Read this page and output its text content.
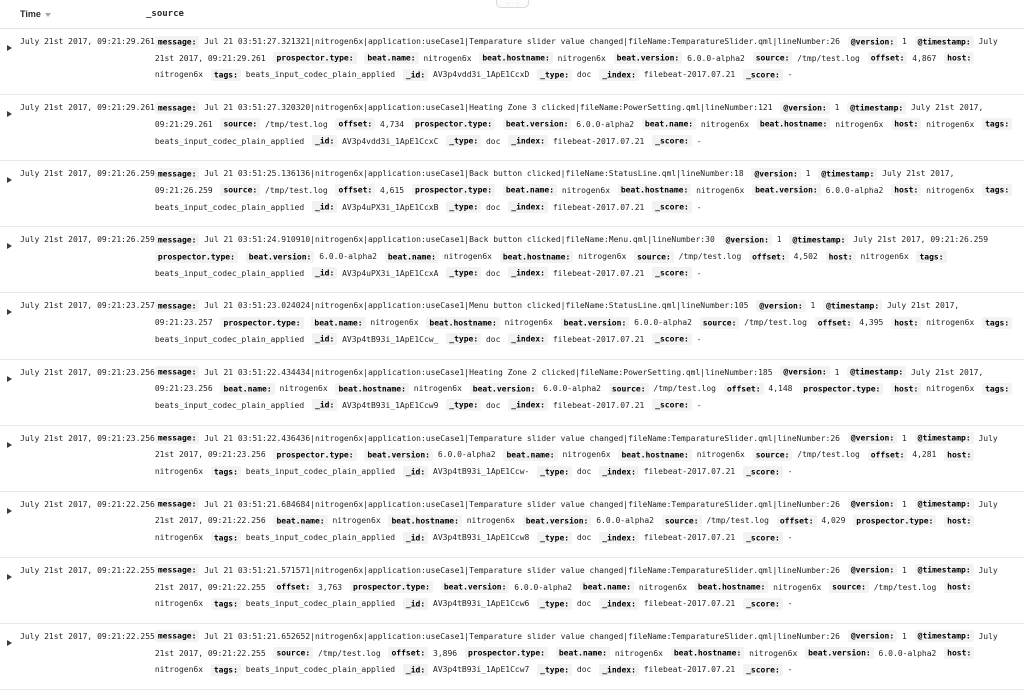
· ·
Time	_source
July 21st 2017, 09:21:29.261 message: Jul 21 03:51:27.321321|nitrogen6x|application:useCase1|Temparature slider value changed|fileName:TemparatureSlider.qml|lineNumber:26 @version: 1 @timestamp: July 21st 2017, 09:21:29.261 prospector.type: beat.name: nitrogen6x beat.hostname: nitrogen6x beat.version: 6.0.0-alpha2 source: /tmp/test.log offset: 4,867 host: nitrogen6x tags: beats_input_codec_plain_applied _id: AV3p4vdd3i_1ApE1CcxD _type: doc _index: filebeat-2017.07.21 _score: -
July 21st 2017, 09:21:29.261 message: Jul 21 03:51:27.320320|nitrogen6x|application:useCase1|Heating Zone 3 clicked|fileName:PowerSetting.qml|lineNumber:121 @version: 1 @timestamp: July 21st 2017, 09:21:29.261 source: /tmp/test.log offset: 4,734 prospector.type: beat.version: 6.0.0-alpha2 beat.name: nitrogen6x beat.hostname: nitrogen6x host: nitrogen6x tags: beats_input_codec_plain_applied _id: AV3p4vdd3i_1ApE1CcxC _type: doc _index: filebeat-2017.07.21 _score: -
July 21st 2017, 09:21:26.259 message: Jul 21 03:51:25.136136|nitrogen6x|application:useCase1|Back button clicked|fileName:StatusLine.qml|lineNumber:18 @version: 1 @timestamp: July 21st 2017, 09:21:26.259 source: /tmp/test.log offset: 4,615 prospector.type: beat.name: nitrogen6x beat.hostname: nitrogen6x beat.version: 6.0.0-alpha2 host: nitrogen6x tags: beats_input_codec_plain_applied _id: AV3p4uPX3i_1ApE1CcxB _type: doc _index: filebeat-2017.07.21 _score: -
July 21st 2017, 09:21:26.259 message: Jul 21 03:51:24.910910|nitrogen6x|application:useCase1|Back button clicked|fileName:Menu.qml|lineNumber:30 @version: 1 @timestamp: July 21st 2017, 09:21:26.259 prospector.type: beat.version: 6.0.0-alpha2 beat.name: nitrogen6x beat.hostname: nitrogen6x source: /tmp/test.log offset: 4,502 host: nitrogen6x tags: beats_input_codec_plain_applied _id: AV3p4uPX3i_1ApE1CcxA _type: doc _index: filebeat-2017.07.21 _score: -
July 21st 2017, 09:21:23.257 message: Jul 21 03:51:23.024024|nitrogen6x|application:useCase1|Menu button clicked|fileName:StatusLine.qml|lineNumber:105 @version: 1 @timestamp: July 21st 2017, 09:21:23.257 prospector.type: beat.name: nitrogen6x beat.hostname: nitrogen6x beat.version: 6.0.0-alpha2 source: /tmp/test.log offset: 4,395 host: nitrogen6x tags: beats_input_codec_plain_applied _id: AV3p4tB93i_1ApE1Ccw_ _type: doc _index: filebeat-2017.07.21 _score: -
July 21st 2017, 09:21:23.256 message: Jul 21 03:51:22.434434|nitrogen6x|application:useCase1|Heating Zone 2 clicked|fileName:PowerSetting.qml|lineNumber:185 @version: 1 @timestamp: July 21st 2017, 09:21:23.256 beat.name: nitrogen6x beat.hostname: nitrogen6x beat.version: 6.0.0-alpha2 source: /tmp/test.log offset: 4,148 prospector.type: host: nitrogen6x tags: beats_input_codec_plain_applied _id: AV3p4tB93i_1ApE1Ccw9 _type: doc _index: filebeat-2017.07.21 _score: -
July 21st 2017, 09:21:23.256 message: Jul 21 03:51:22.436436|nitrogen6x|application:useCase1|Temparature slider value changed|fileName:TemparatureSlider.qml|lineNumber:26 @version: 1 @timestamp: July 21st 2017, 09:21:23.256 prospector.type: beat.version: 6.0.0-alpha2 beat.name: nitrogen6x beat.hostname: nitrogen6x source: /tmp/test.log offset: 4,281 host: nitrogen6x tags: beats_input_codec_plain_applied _id: AV3p4tB93i_1ApE1Ccw- _type: doc _index: filebeat-2017.07.21 _score: -
July 21st 2017, 09:21:22.256 message: Jul 21 03:51:21.684684|nitrogen6x|application:useCase1|Temparature slider value changed|fileName:TemparatureSlider.qml|lineNumber:26 @version: 1 @timestamp: July 21st 2017, 09:21:22.256 beat.name: nitrogen6x beat.hostname: nitrogen6x beat.version: 6.0.0-alpha2 source: /tmp/test.log offset: 4,029 prospector.type: host: nitrogen6x tags: beats_input_codec_plain_applied _id: AV3p4tB93i_1ApE1Ccw8 _type: doc _index: filebeat-2017.07.21 _score: -
July 21st 2017, 09:21:22.255 message: Jul 21 03:51:21.571571|nitrogen6x|application:useCase1|Temparature slider value changed|fileName:TemparatureSlider.qml|lineNumber:26 @version: 1 @timestamp: July 21st 2017, 09:21:22.255 offset: 3,763 prospector.type: beat.version: 6.0.0-alpha2 beat.name: nitrogen6x beat.hostname: nitrogen6x source: /tmp/test.log host: nitrogen6x tags: beats_input_codec_plain_applied _id: AV3p4tB93i_1ApE1Ccw6 _type: doc _index: filebeat-2017.07.21 _score: -
July 21st 2017, 09:21:22.255 message: Jul 21 03:51:21.652652|nitrogen6x|application:useCase1|Temparature slider value changed|fileName:TemparatureSlider.qml|lineNumber:26 @version: 1 @timestamp: July 21st 2017, 09:21:22.255 source: /tmp/test.log offset: 3,896 prospector.type: beat.name: nitrogen6x beat.hostname: nitrogen6x beat.version: 6.0.0-alpha2 host: nitrogen6x tags: beats_input_codec_plain_applied _id: AV3p4tB93i_1ApE1Ccw7 _type: doc _index: filebeat-2017.07.21 _score: -
